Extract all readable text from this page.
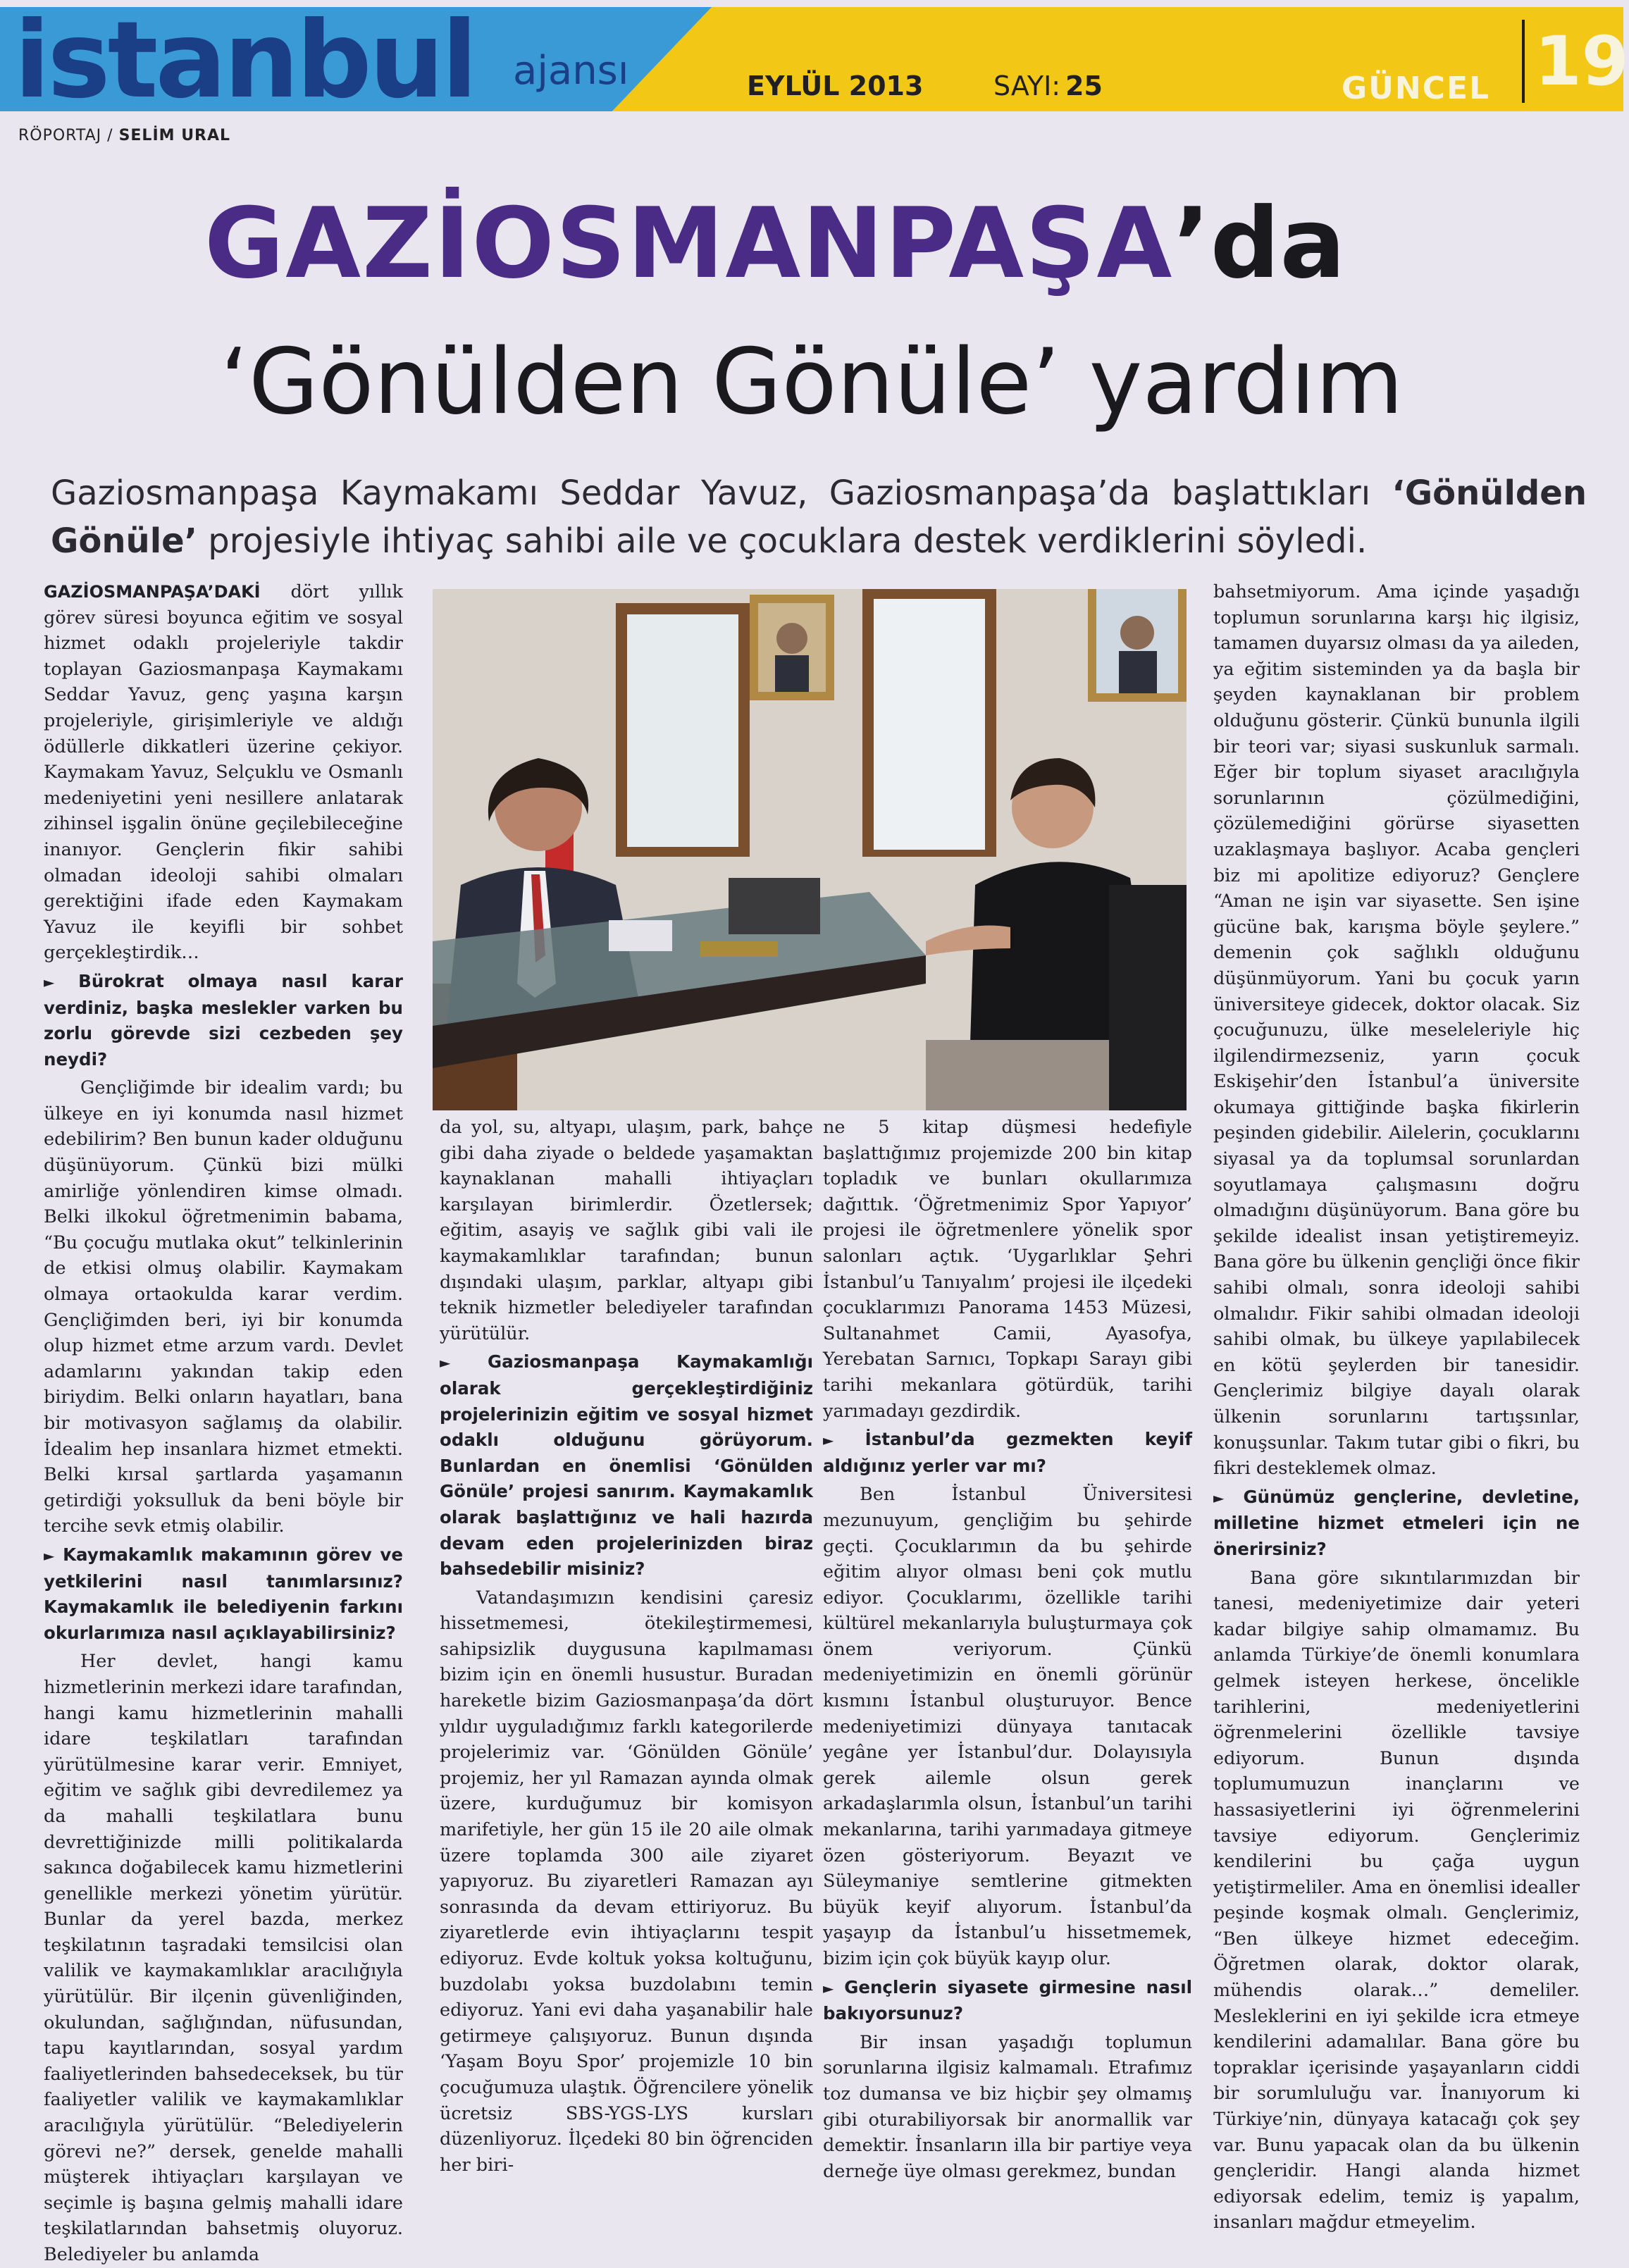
istanbul ajansı	EYLÜL 2013	SAYI: 25	GÜNCEL 19
RÖPORTAJ / SELİM URAL
GAZİOSMANPAŞA’da
‘Gönülden Gönüle’ yardım
Gaziosmanpaşa Kaymakamı Seddar Yavuz, Gaziosmanpaşa’da başlattıkları ‘Gönülden Gönüle’ projesiyle ihtiyaç sahibi aile ve çocuklara destek verdiklerini söyledi.

GAZİOSMANPAŞA’DAKİ dört yıllık görev süresi boyunca eğitim ve sosyal hizmet odaklı projeleriyle takdir toplayan Gaziosmanpaşa Kaymakamı Seddar Yavuz, genç yaşına karşın projeleriyle, girişimleriyle ve aldığı ödüllerle dikkatleri üzerine çekiyor. Kaymakam Yavuz, Selçuklu ve Osmanlı medeniyetini yeni nesillere anlatarak zihinsel işgalin önüne geçilebileceğine inanıyor. Gençlerin fikir sahibi olmadan ideoloji sahibi olmaları gerektiğini ifade eden Kaymakam Yavuz ile keyifli bir sohbet gerçekleştirdik…

► Bürokrat olmaya nasıl karar verdiniz, başka meslekler varken bu zorlu görevde sizi cezbeden şey neydi?

Gençliğimde bir idealim vardı; bu ülkeye en iyi konumda nasıl hizmet edebilirim? Ben bunun kader olduğunu düşünüyorum. Çünkü bizi mülki amirliğe yönlendiren kimse olmadı. Belki ilkokul öğretmenimin babama, “Bu çocuğu mutlaka okut” telkinlerinin de etkisi olmuş olabilir. Kaymakam olmaya ortaokulda karar verdim. Gençliğimden beri, iyi bir konumda olup hizmet etme arzum vardı. Devlet adamlarını yakından takip eden biriydim. Belki onların hayatları, bana bir motivasyon sağlamış da olabilir. İdealim hep insanlara hizmet etmekti. Belki kırsal şartlarda yaşamanın getirdiği yoksulluk da beni böyle bir tercihe sevk etmiş olabilir.

► Kaymakamlık makamının görev ve yetkilerini nasıl tanımlarsınız? Kaymakamlık ile belediyenin farkını okurlarımıza nasıl açıklayabilirsiniz?

Her devlet, hangi kamu hizmetlerinin merkezi idare tarafından, hangi kamu hizmetlerinin mahalli idare teşkilatları tarafından yürütülmesine karar verir. Emniyet, eğitim ve sağlık gibi devredilemez ya da mahalli teşkilatlara bunu devrettiğinizde milli politikalarda sakınca doğabilecek kamu hizmetlerini genellikle merkezi yönetim yürütür. Bunlar da yerel bazda, merkez teşkilatının taşradaki temsilcisi olan valilik ve kaymakamlıklar aracılığıyla yürütülür. Bir ilçenin güvenliğinden, okulundan, sağlığından, nüfusundan, tapu kayıtlarından, sosyal yardım faaliyetlerinden bahsedeceksek, bu tür faaliyetler valilik ve kaymakamlıklar aracılığıyla yürütülür. “Belediyelerin görevi ne?” dersek, genelde mahalli müşterek ihtiyaçları karşılayan ve seçimle iş başına gelmiş mahalli idare teşkilatlarından bahsetmiş oluyoruz. Belediyeler bu anlamda

da yol, su, altyapı, ulaşım, park, bahçe gibi daha ziyade o beldede yaşamaktan kaynaklanan mahalli ihtiyaçları karşılayan birimlerdir. Özetlersek; eğitim, asayiş ve sağlık gibi vali ile kaymakamlıklar tarafından; bunun dışındaki ulaşım, parklar, altyapı gibi teknik hizmetler belediyeler tarafından yürütülür.

► Gaziosmanpaşa Kaymakamlığı olarak gerçekleştirdiğiniz projelerinizin eğitim ve sosyal hizmet odaklı olduğunu görüyorum. Bunlardan en önemlisi ‘Gönülden Gönüle’ projesi sanırım. Kaymakamlık olarak başlattığınız ve hali hazırda devam eden projelerinizden biraz bahsedebilir misiniz?

Vatandaşımızın kendisini çaresiz hissetmemesi, ötekileştirmemesi, sahipsizlik duygusuna kapılmaması bizim için en önemli husustur. Buradan hareketle bizim Gaziosmanpaşa’da dört yıldır uyguladığımız farklı kategorilerde projelerimiz var. ‘Gönülden Gönüle’ projemiz, her yıl Ramazan ayında olmak üzere, kurduğumuz bir komisyon marifetiyle, her gün 15 ile 20 aile olmak üzere toplamda 300 aile ziyaret yapıyoruz. Bu ziyaretleri Ramazan ayı sonrasında da devam ettiriyoruz. Bu ziyaretlerde evin ihtiyaçlarını tespit ediyoruz. Evde koltuk yoksa koltuğunu, buzdolabı yoksa buzdolabını temin ediyoruz. Yani evi daha yaşanabilir hale getirmeye çalışıyoruz. Bunun dışında ‘Yaşam Boyu Spor’ projemizle 10 bin çocuğumuza ulaştık. Öğrencilere yönelik ücretsiz SBS-YGS-LYS kursları düzenliyoruz. İlçedeki 80 bin öğrenciden her biri-

ne 5 kitap düşmesi hedefiyle başlattığımız projemizde 200 bin kitap topladık ve bunları okullarımıza dağıttık. ‘Öğretmenimiz Spor Yapıyor’ projesi ile öğretmenlere yönelik spor salonları açtık. ‘Uygarlıklar Şehri İstanbul’u Tanıyalım’ projesi ile ilçedeki çocuklarımızı Panorama 1453 Müzesi, Sultanahmet Camii, Ayasofya, Yerebatan Sarnıcı, Topkapı Sarayı gibi tarihi mekanlara götürdük, tarihi yarımadayı gezdirdik.

► İstanbul’da gezmekten keyif aldığınız yerler var mı?

Ben İstanbul Üniversitesi mezunuyum, gençliğim bu şehirde geçti. Çocuklarımın da bu şehirde eğitim alıyor olması beni çok mutlu ediyor. Çocuklarımı, özellikle tarihi kültürel mekanlarıyla buluşturmaya çok önem veriyorum. Çünkü medeniyetimizin en önemli görünür kısmını İstanbul oluşturuyor. Bence medeniyetimizi dünyaya tanıtacak yegâne yer İstanbul’dur. Dolayısıyla gerek ailemle olsun gerek arkadaşlarımla olsun, İstanbul’un tarihi mekanlarına, tarihi yarımadaya gitmeye özen gösteriyorum. Beyazıt ve Süleymaniye semtlerine gitmekten büyük keyif alıyorum. İstanbul’da yaşayıp da İstanbul’u hissetmemek, bizim için çok büyük kayıp olur.

► Gençlerin siyasete girmesine nasıl bakıyorsunuz?

Bir insan yaşadığı toplumun sorunlarına ilgisiz kalmamalı. Etrafımız toz dumansa ve biz hiçbir şey olmamış gibi oturabiliyorsak bir anormallik var demektir. İnsanların illa bir partiye veya derneğe üye olması gerekmez, bundan

bahsetmiyorum. Ama içinde yaşadığı toplumun sorunlarına karşı hiç ilgisiz, tamamen duyarsız olması da ya aileden, ya eğitim sisteminden ya da başla bir şeyden kaynaklanan bir problem olduğunu gösterir. Çünkü bununla ilgili bir teori var; siyasi suskunluk sarmalı. Eğer bir toplum siyaset aracılığıyla sorunlarının çözülmediğini, çözülemediğini görürse siyasetten uzaklaşmaya başlıyor. Acaba gençleri biz mi apolitize ediyoruz? Gençlere “Aman ne işin var siyasette. Sen işine gücüne bak, karışma böyle şeylere.” demenin çok sağlıklı olduğunu düşünmüyorum. Yani bu çocuk yarın üniversiteye gidecek, doktor olacak. Siz çocuğunuzu, ülke meseleleriyle hiç ilgilendirmezseniz, yarın çocuk Eskişehir’den İstanbul’a üniversite okumaya gittiğinde başka fikirlerin peşinden gidebilir. Ailelerin, çocuklarını siyasal ya da toplumsal sorunlardan soyutlamaya çalışmasını doğru olmadığını düşünüyorum. Bana göre bu şekilde idealist insan yetiştiremeyiz. Bana göre bu ülkenin gençliği önce fikir sahibi olmalı, sonra ideoloji sahibi olmalıdır. Fikir sahibi olmadan ideoloji sahibi olmak, bu ülkeye yapılabilecek en kötü şeylerden bir tanesidir. Gençlerimiz bilgiye dayalı olarak ülkenin sorunlarını tartışsınlar, konuşsunlar. Takım tutar gibi o fikri, bu fikri desteklemek olmaz.

► Günümüz gençlerine, devletine, milletine hizmet etmeleri için ne önerirsiniz?

Bana göre sıkıntılarımızdan bir tanesi, medeniyetimize dair yeteri kadar bilgiye sahip olmamamız. Bu anlamda Türkiye’de önemli konumlara gelmek isteyen herkese, öncelikle tarihlerini, medeniyetlerini öğrenmelerini özellikle tavsiye ediyorum. Bunun dışında toplumumuzun inançlarını ve hassasiyetlerini iyi öğrenmelerini tavsiye ediyorum. Gençlerimiz kendilerini bu çağa uygun yetiştirmeliler. Ama en önemlisi idealler peşinde koşmak olmalı. Gençlerimiz, “Ben ülkeye hizmet edeceğim. Öğretmen olarak, doktor olarak, mühendis olarak…” demeliler. Mesleklerini en iyi şekilde icra etmeye kendilerini adamalılar. Bana göre bu topraklar içerisinde yaşayanların ciddi bir sorumluluğu var. İnanıyorum ki Türkiye’nin, dünyaya katacağı çok şey var. Bunu yapacak olan da bu ülkenin gençleridir. Hangi alanda hizmet ediyorsak edelim, temiz iş yapalım, insanları mağdur etmeyelim.
